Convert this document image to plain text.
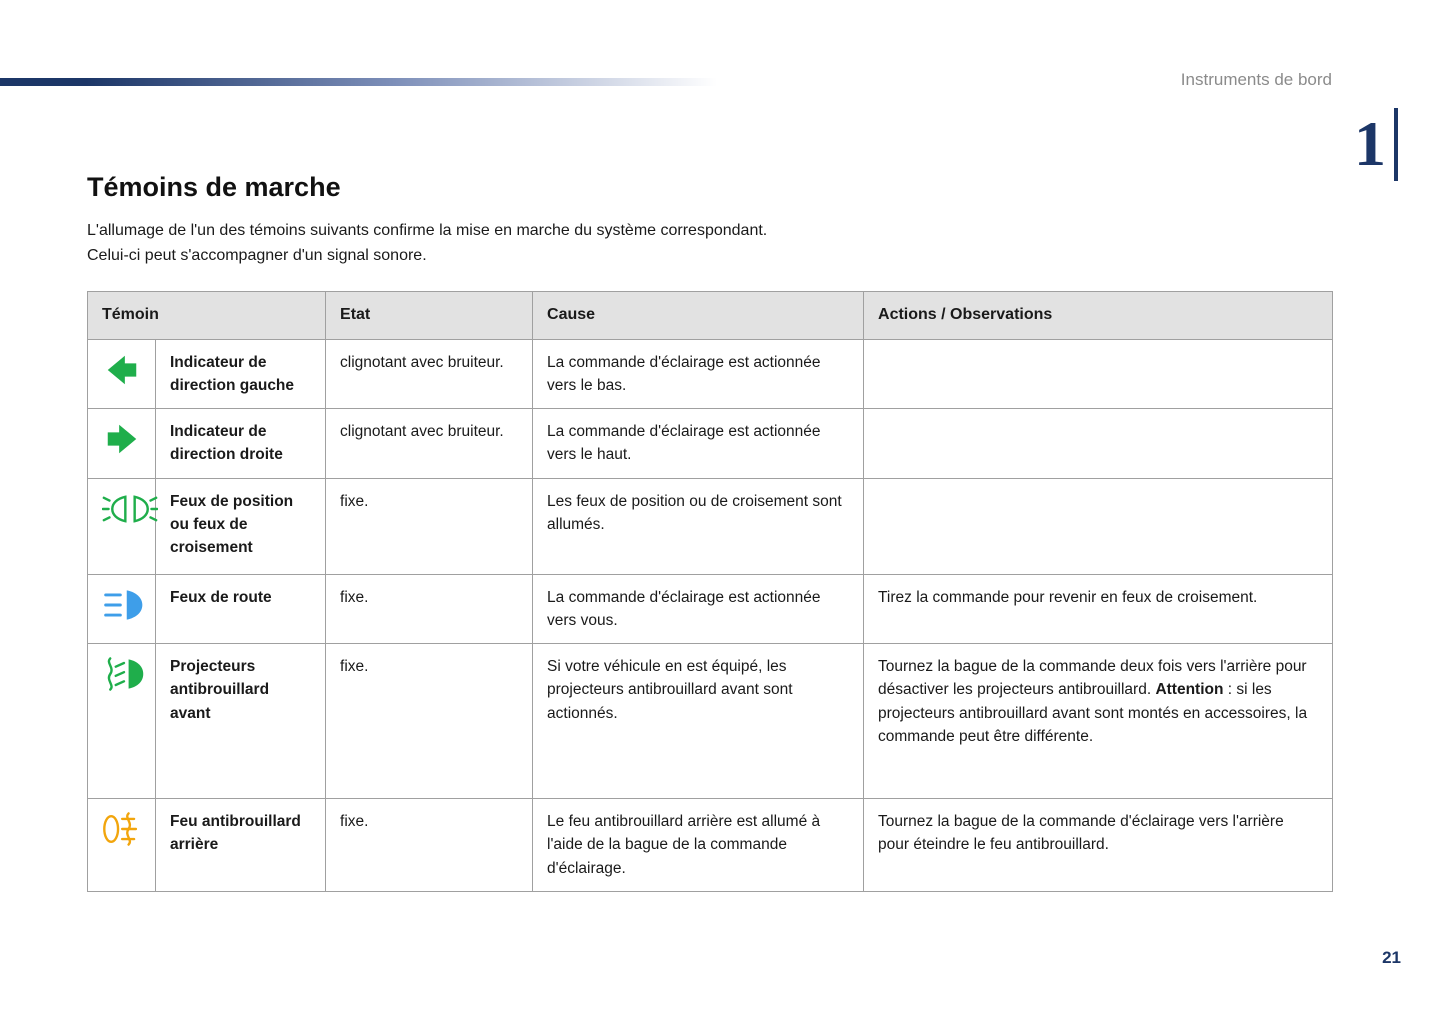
Instruments de bord
1
21
Témoins de marche

L'allumage de l'un des témoins suivants confirme la mise en marche du système correspondant.

Celui-ci peut s'accompagner d'un signal sonore.

Témoin		Etat	Cause	Actions / Observations
	Indicateur de direction gauche	clignotant avec bruiteur.	La commande d'éclairage est actionnée vers le bas.	
	Indicateur de direction droite	clignotant avec bruiteur.	La commande d'éclairage est actionnée vers le haut.	
	Feux de position ou feux de croisement	fixe.	Les feux de position ou de croisement sont allumés.	
	Feux de route	fixe.	La commande d'éclairage est actionnée vers vous.	Tirez la commande pour revenir en feux de croisement.
	Projecteurs antibrouillard avant	fixe.	Si votre véhicule en est équipé, les projecteurs antibrouillard avant sont actionnés.	Tournez la bague de la commande deux fois vers l'arrière pour désactiver les projecteurs antibrouillard. Attention : si les projecteurs antibrouillard avant sont montés en accessoires, la commande peut être différente.
	Feu antibrouillard arrière	fixe.	Le feu antibrouillard arrière est allumé à l'aide de la bague de la commande d'éclairage.	Tournez la bague de la commande d'éclairage vers l'arrière pour éteindre le feu antibrouillard.
